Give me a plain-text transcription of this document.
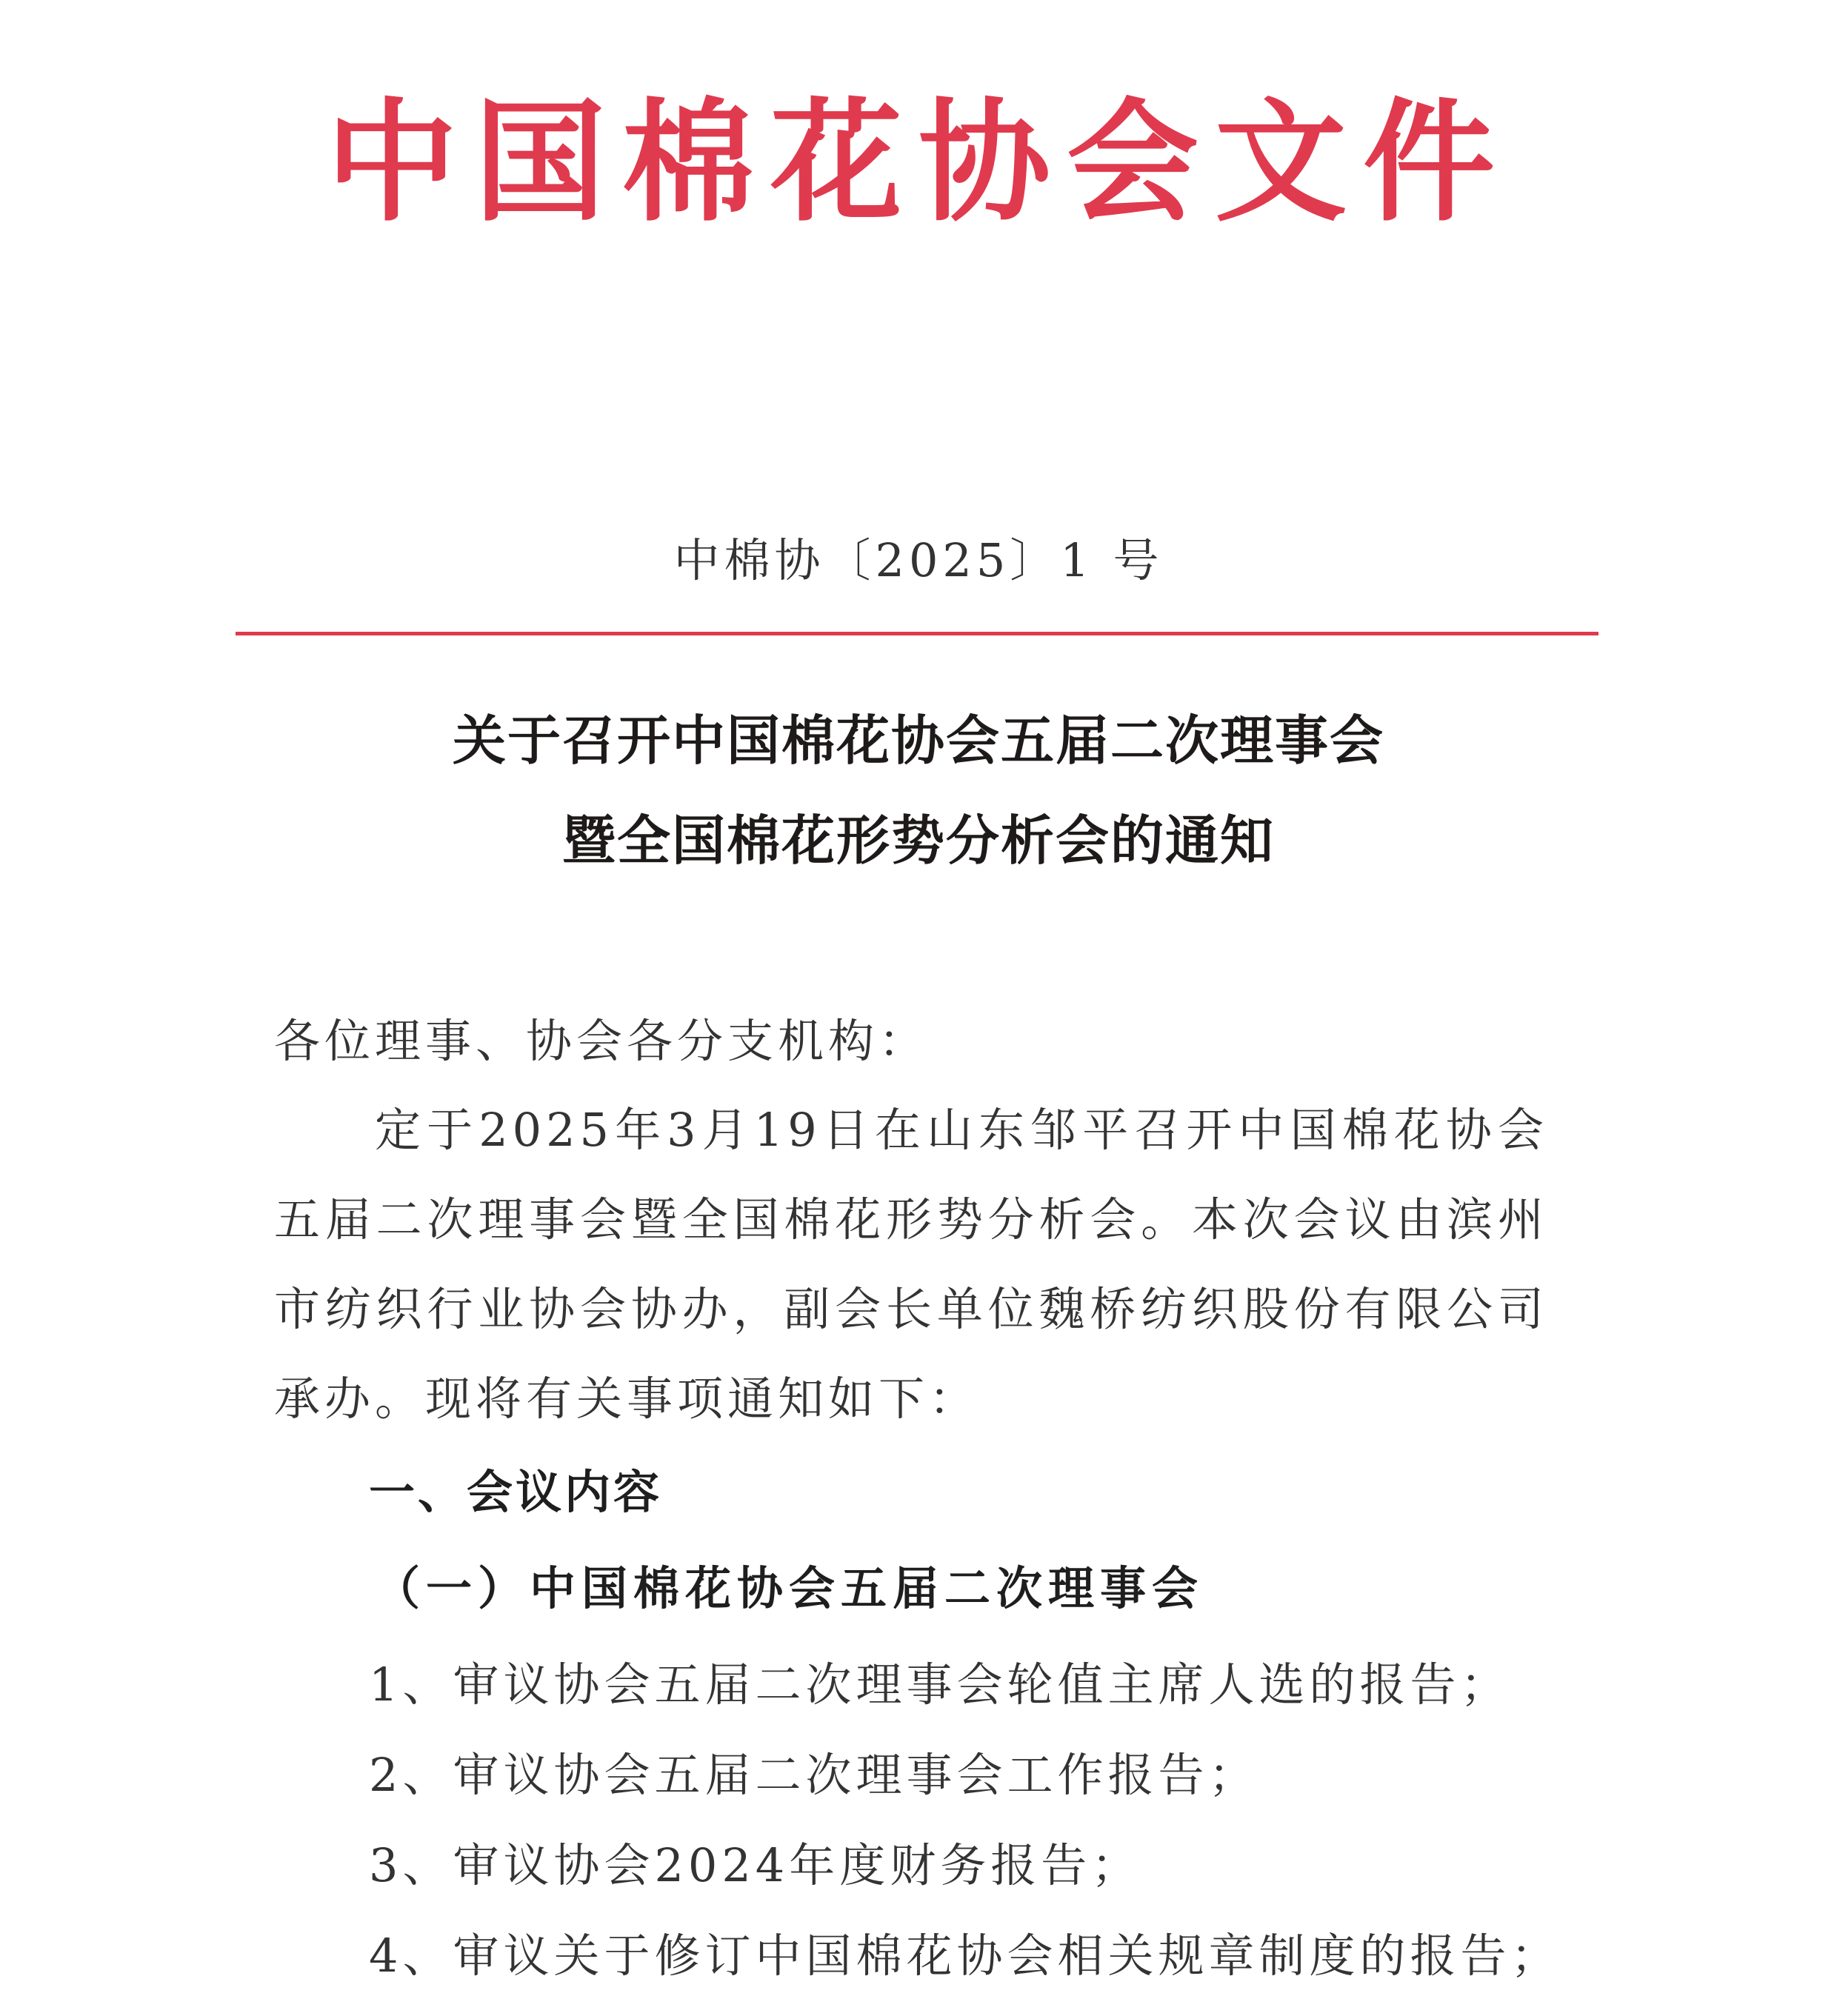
中国棉花协会文件
中棉协〔2025〕1 号
关于召开中国棉花协会五届二次理事会
暨全国棉花形势分析会的通知
各位理事、协会各分支机构：
定于2025年3月19日在山东邹平召开中国棉花协会五届二次理事会暨全国棉花形势分析会。本次会议由滨州市纺织行业协会协办，副会长单位魏桥纺织股份有限公司承办。现将有关事项通知如下：
一、会议内容
（一）中国棉花协会五届二次理事会
1、审议协会五届二次理事会轮值主席人选的报告；
2、审议协会五届二次理事会工作报告；
3、审议协会2024年度财务报告；
4、审议关于修订中国棉花协会相关规章制度的报告；
